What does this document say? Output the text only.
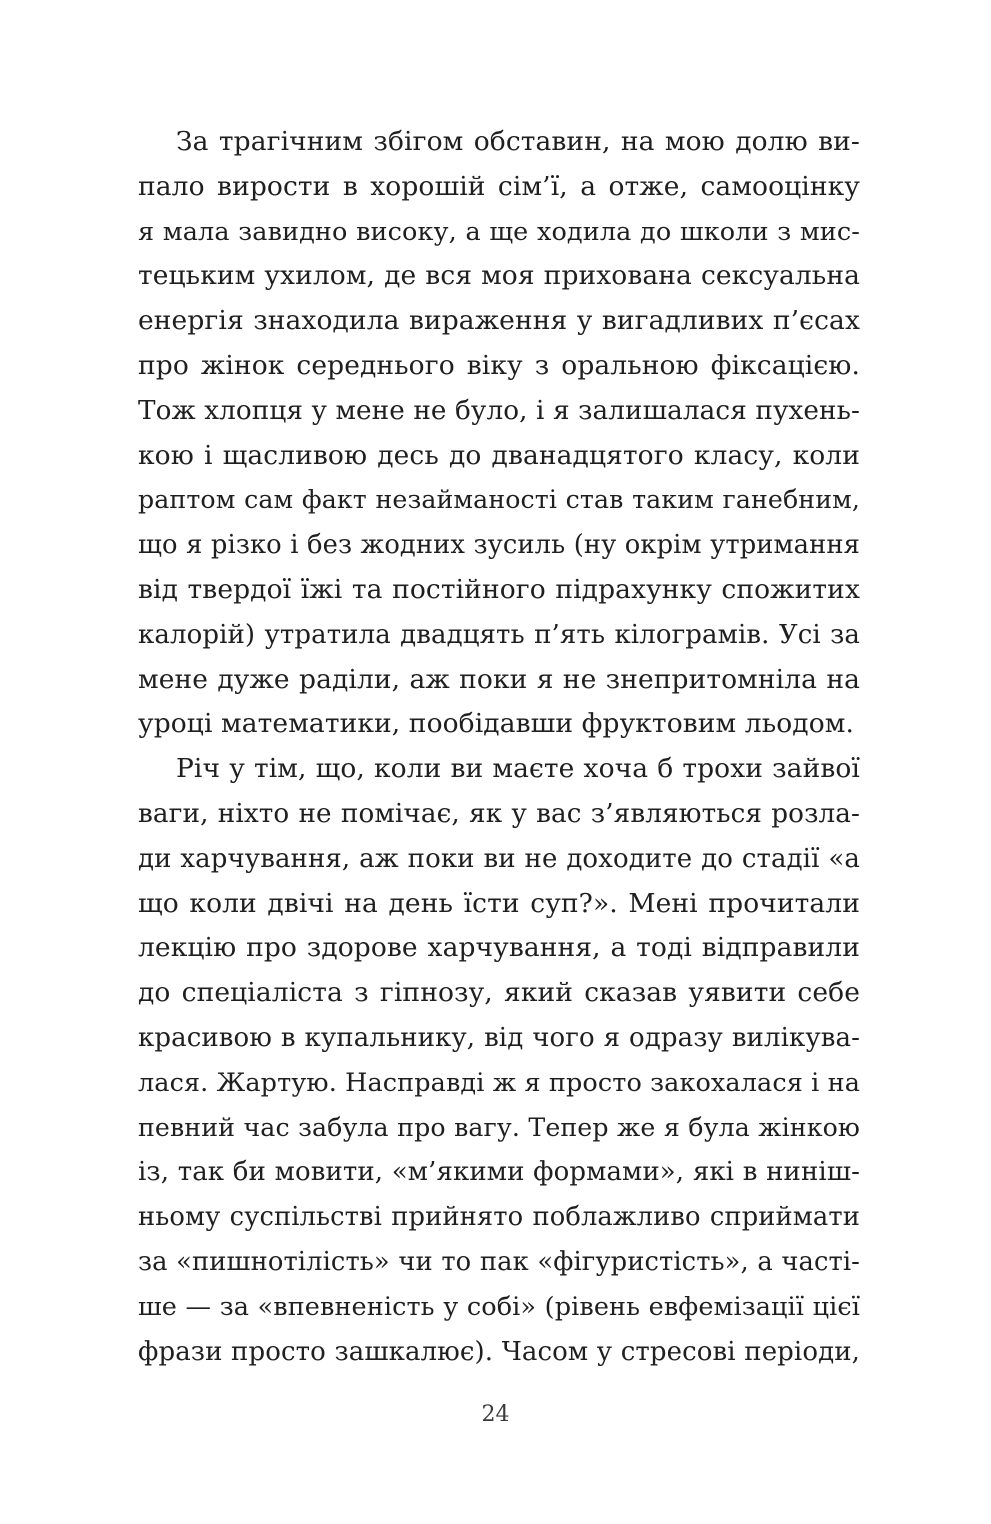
За трагічним збігом обставин, на мою долю ви-
пало вирости в хорошій сім’ї, а отже, самооцінку
я мала завидно високу, а ще ходила до школи з мис-
тецьким ухилом, де вся моя прихована сексуальна
енергія знаходила вираження у вигадливих п’єсах
про жінок середнього віку з оральною фіксацією.
Тож хлопця у мене не було, і я залишалася пухень-
кою і щасливою десь до дванадцятого класу, коли
раптом сам факт незайманості став таким ганебним,
що я різко і без жодних зусиль (ну окрім утримання
від твердої їжі та постійного підрахунку спожитих
калорій) утратила двадцять п’ять кілограмів. Усі за
мене дуже раділи, аж поки я не знепритомніла на
уроці математики, пообідавши фруктовим льодом.
Річ у тім, що, коли ви маєте хоча б трохи зайвої
ваги, ніхто не помічає, як у вас з’являються розла-
ди харчування, аж поки ви не доходите до стадії «а
що коли двічі на день їсти суп?». Мені прочитали
лекцію про здорове харчування, а тоді відправили
до спеціаліста з гіпнозу, який сказав уявити себе
красивою в купальнику, від чого я одразу вилікува-
лася. Жартую. Насправді ж я просто закохалася і на
певний час забула про вагу. Тепер же я була жінкою
із, так би мовити, «м’якими формами», які в ниніш-
ньому суспільстві прийнято поблажливо сприймати
за «пишнотілість» чи то пак «фігуристість», а часті-
ше — за «впевненість у собі» (рівень евфемізації цієї
фрази просто зашкалює). Часом у стресові періоди,
24
